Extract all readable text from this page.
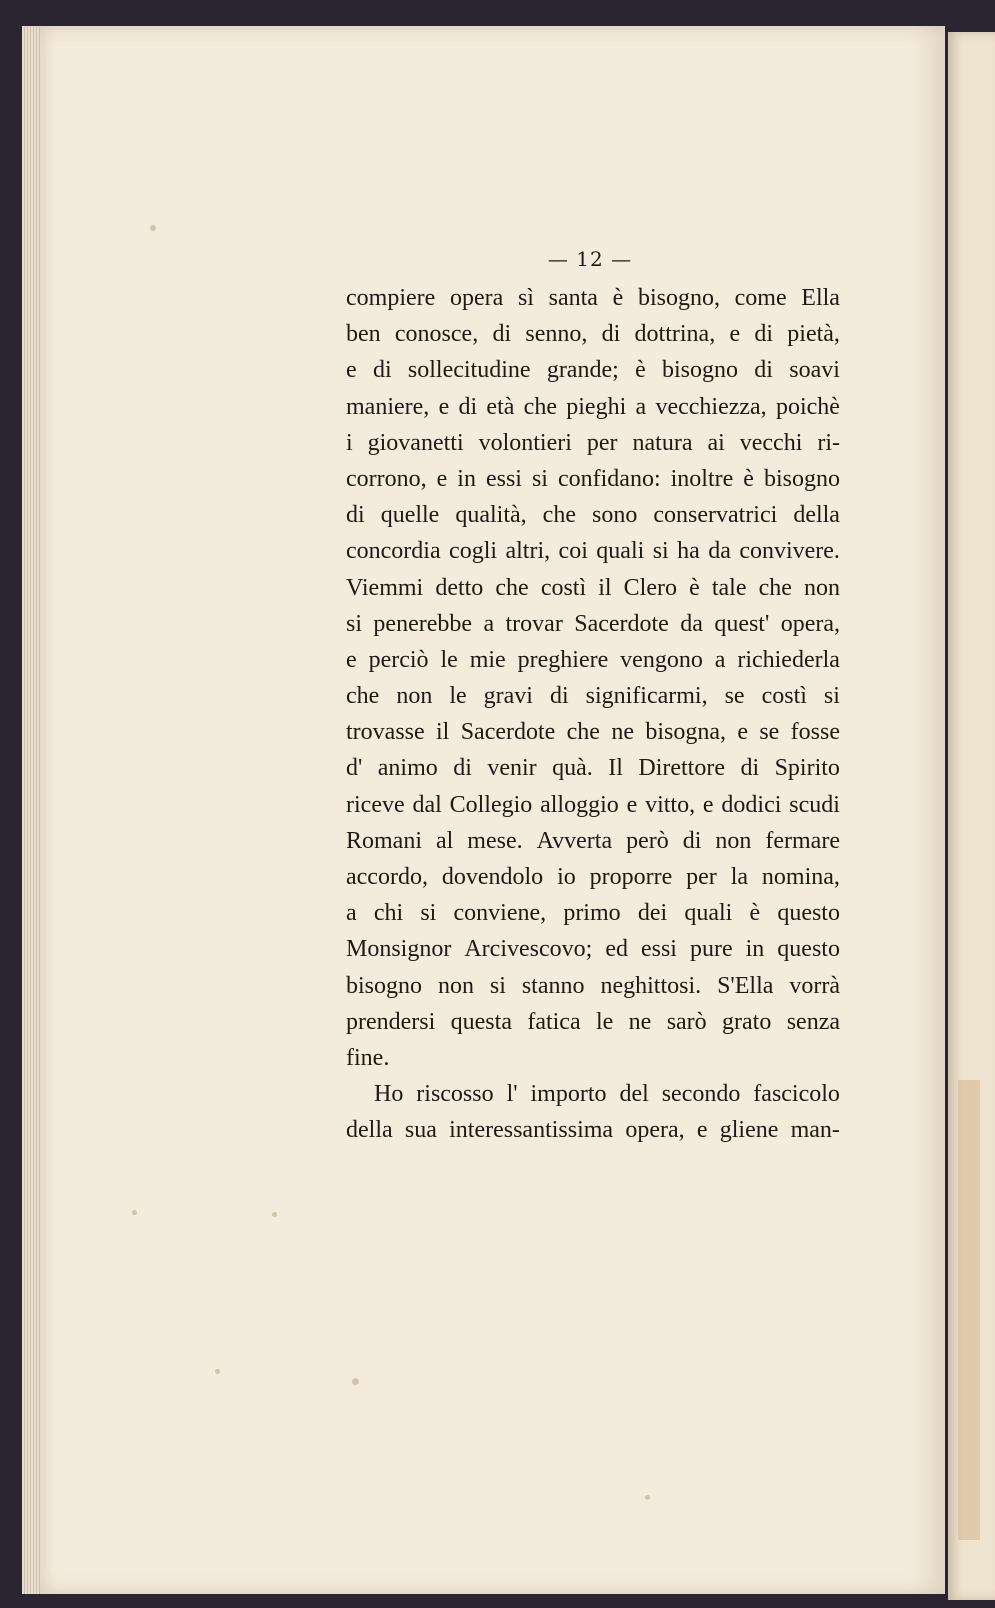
— 12 —
compiere opera sì santa è bisogno, come Ella
ben conosce, di senno, di dottrina, e di pietà,
e di sollecitudine grande; è bisogno di soavi
maniere, e di età che pieghi a vecchiezza, poichè
i giovanetti volontieri per natura ai vecchi ri-
corrono, e in essi si confidano: inoltre è bisogno
di quelle qualità, che sono conservatrici della
concordia cogli altri, coi quali si ha da convivere.
Viemmi detto che costì il Clero è tale che non
si penerebbe a trovar Sacerdote da quest' opera,
e perciò le mie preghiere vengono a richiederla
che non le gravi di significarmi, se costì si
trovasse il Sacerdote che ne bisogna, e se fosse
d' animo di venir quà. Il Direttore di Spirito
riceve dal Collegio alloggio e vitto, e dodici scudi
Romani al mese. Avverta però di non fermare
accordo, dovendolo io proporre per la nomina,
a chi si conviene, primo dei quali è questo
Monsignor Arcivescovo; ed essi pure in questo
bisogno non si stanno neghittosi. S'Ella vorrà
prendersi questa fatica le ne sarò grato senza
fine.
Ho riscosso l' importo del secondo fascicolo
della sua interessantissima opera, e gliene man-
